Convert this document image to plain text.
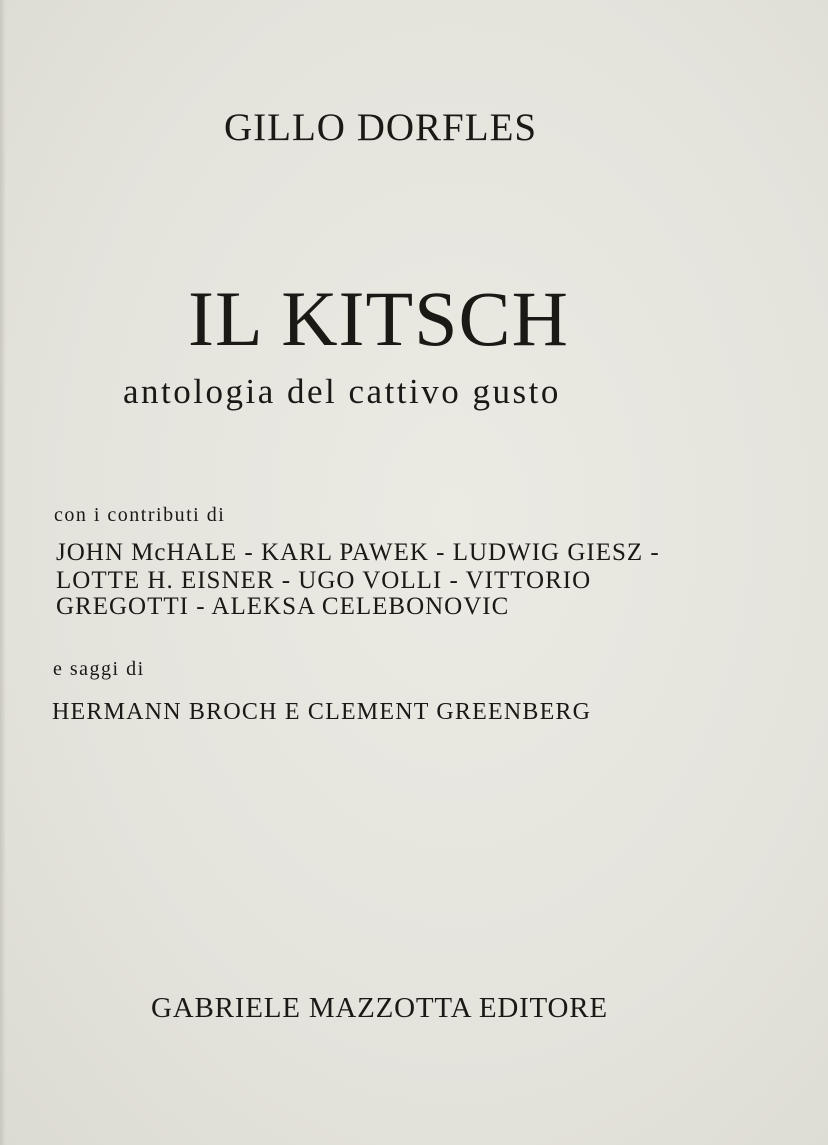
GILLO DORFLES
IL KITSCH
antologia del cattivo gusto
con i contributi di
JOHN McHALE - KARL PAWEK - LUDWIG GIESZ -
LOTTE H. EISNER - UGO VOLLI - VITTORIO
GREGOTTI - ALEKSA CELEBONOVIC
e saggi di
HERMANN BROCH E CLEMENT GREENBERG
GABRIELE MAZZOTTA EDITORE
